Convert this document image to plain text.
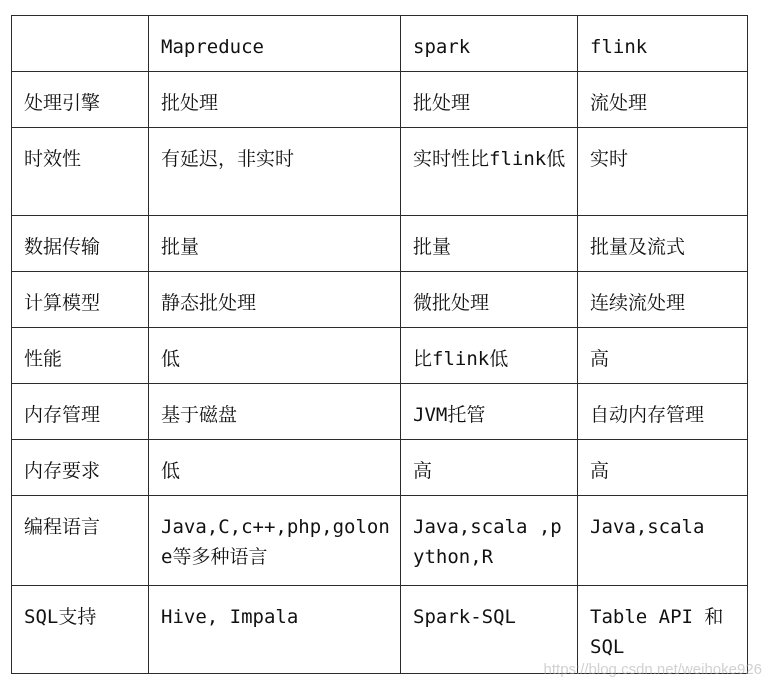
	Mapreduce	spark	flink
处理引擎	批处理	批处理	流处理
时效性	有延迟，非实时	实时性比flink低	实时
数据传输	批量	批量	批量及流式
计算模型	静态批处理	微批处理	连续流处理
性能	低	比flink低	高
内存管理	基于磁盘	JVM托管	自动内存管理
内存要求	低	高	高
编程语言	Java,C,c++,php,golone等多种语言	Java,scala ,python,R	Java,scala
SQL支持	Hive, Impala	Spark-SQL	Table API 和 SQL
https://blog.csdn.net/weihoke926
